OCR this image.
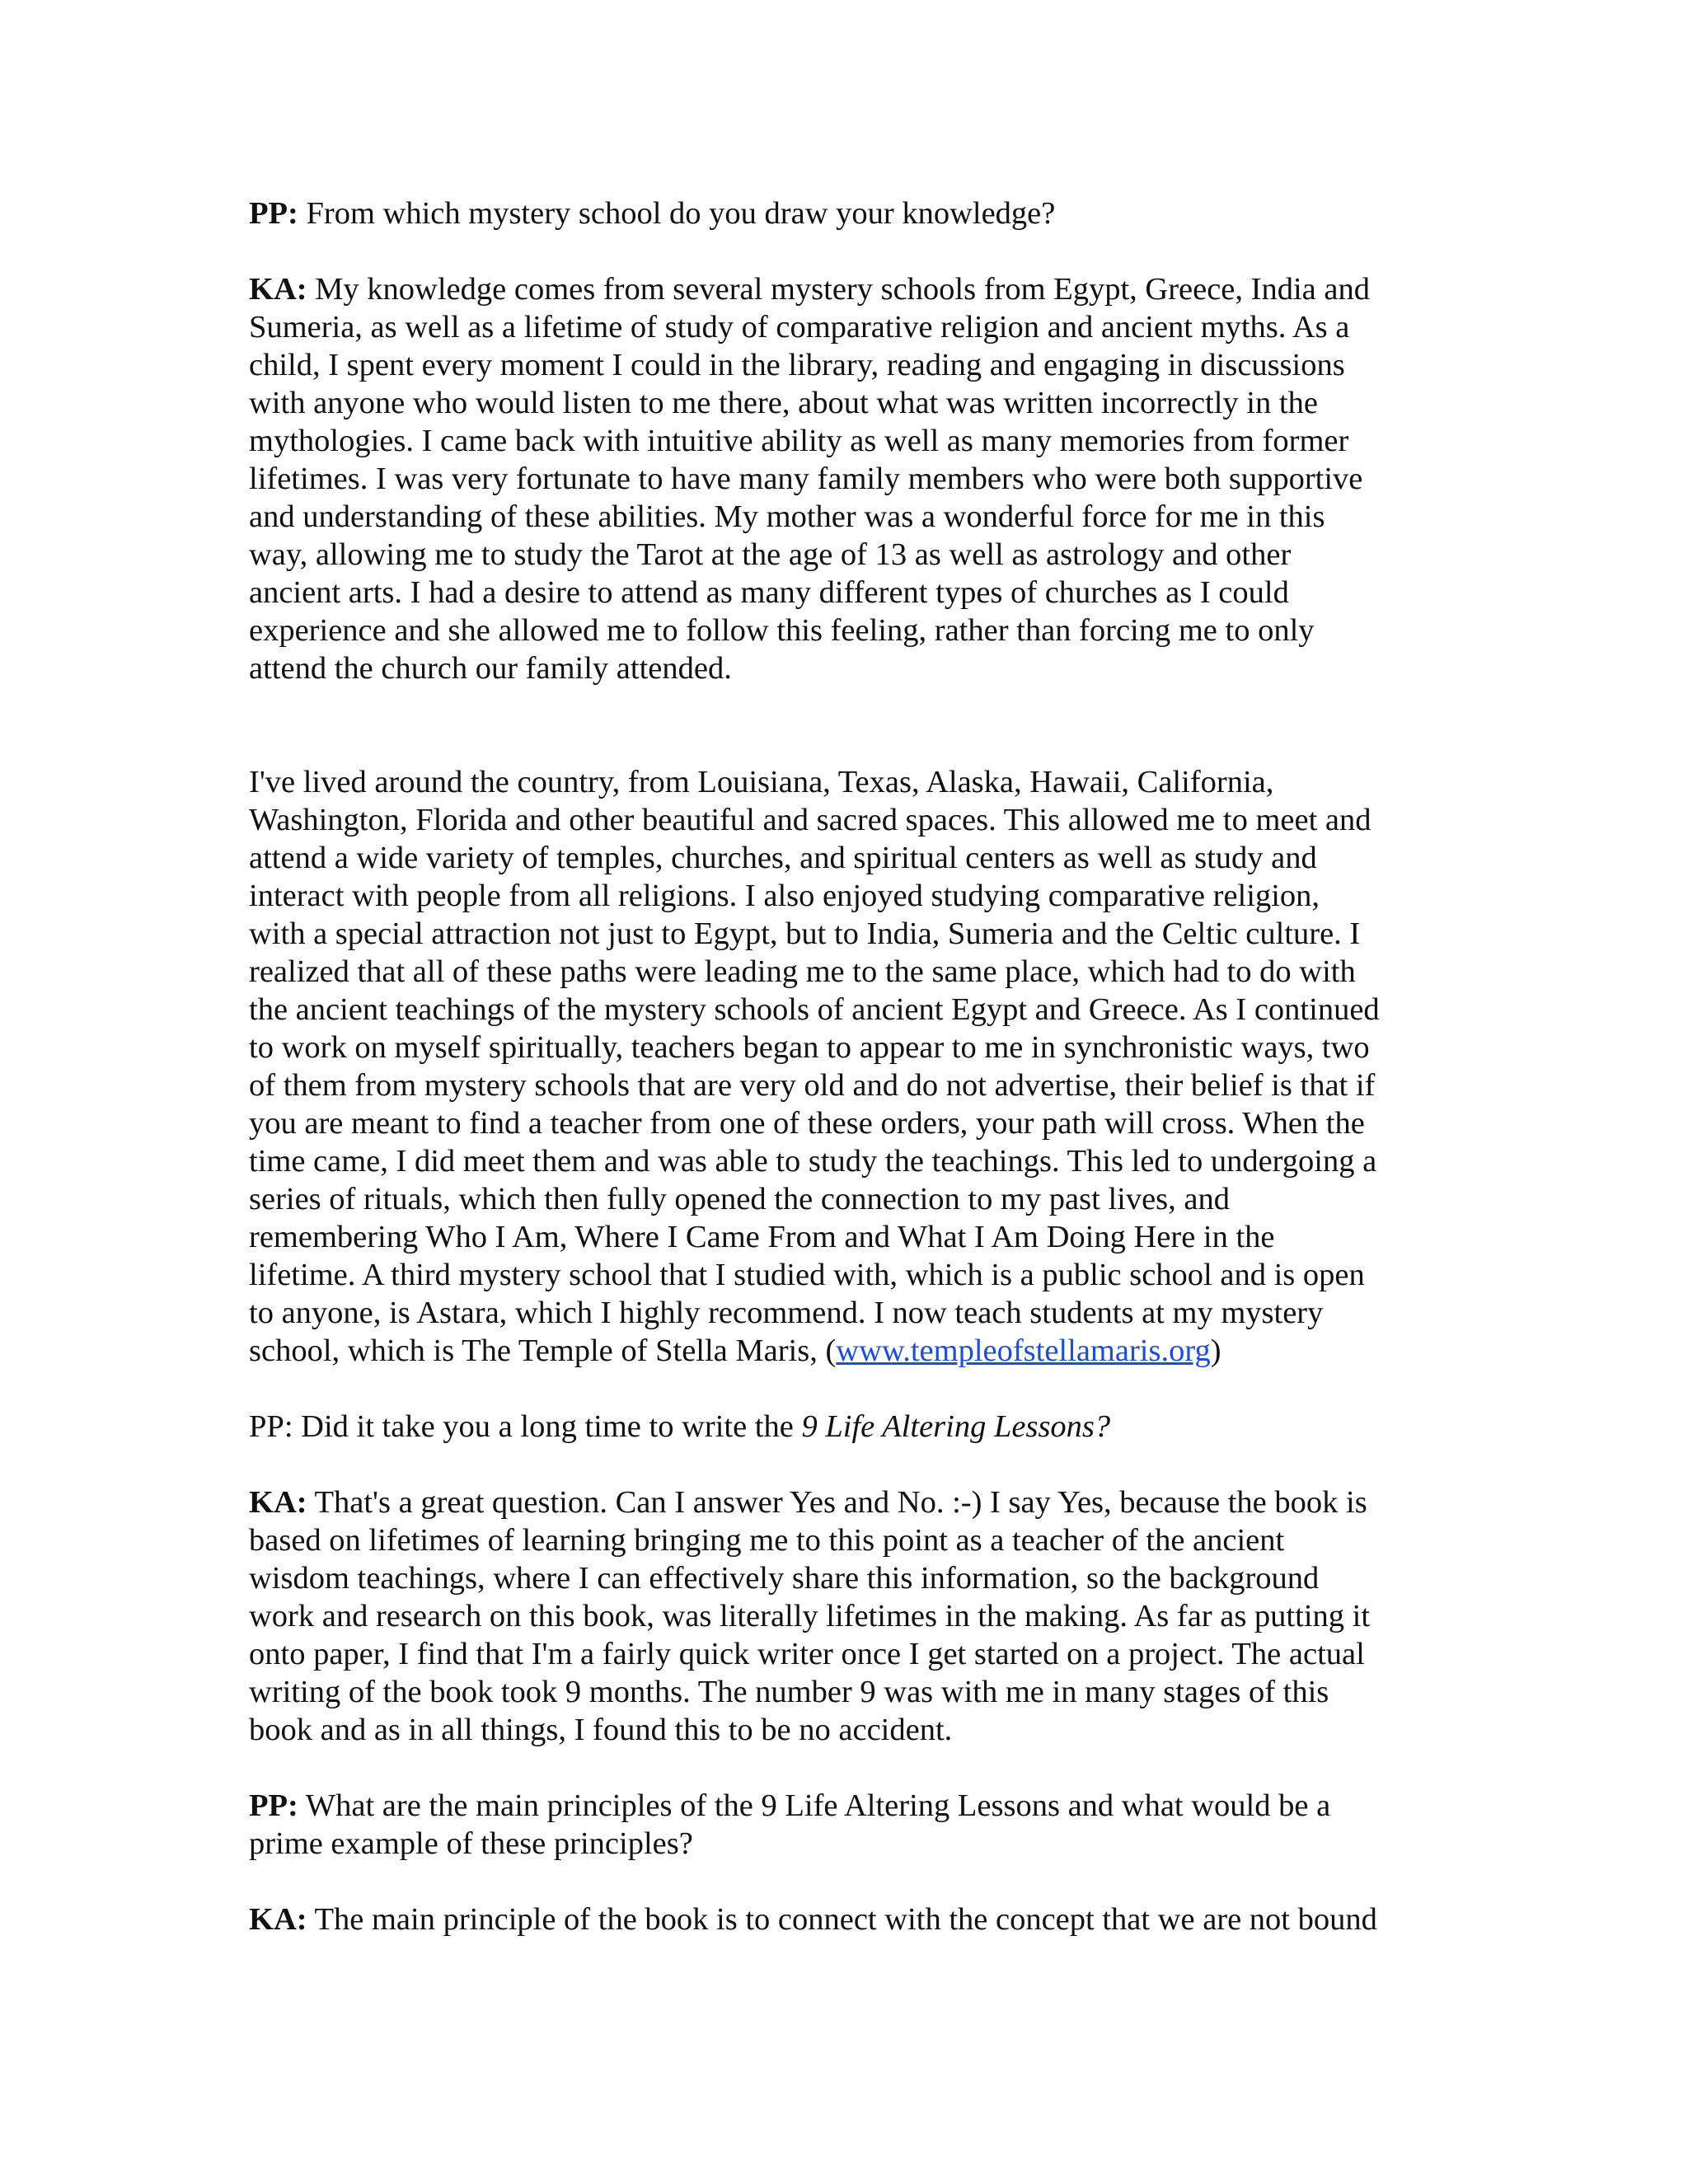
PP: From which mystery school do you draw your knowledge?

KA: My knowledge comes from several mystery schools from Egypt, Greece, India and
Sumeria, as well as a lifetime of study of comparative religion and ancient myths. As a
child, I spent every moment I could in the library, reading and engaging in discussions
with anyone who would listen to me there, about what was written incorrectly in the
mythologies. I came back with intuitive ability as well as many memories from former
lifetimes. I was very fortunate to have many family members who were both supportive
and understanding of these abilities. My mother was a wonderful force for me in this
way, allowing me to study the Tarot at the age of 13 as well as astrology and other
ancient arts. I had a desire to attend as many different types of churches as I could
experience and she allowed me to follow this feeling, rather than forcing me to only
attend the church our family attended.

I've lived around the country, from Louisiana, Texas, Alaska, Hawaii, California,
Washington, Florida and other beautiful and sacred spaces. This allowed me to meet and
attend a wide variety of temples, churches, and spiritual centers as well as study and
interact with people from all religions. I also enjoyed studying comparative religion,
with a special attraction not just to Egypt, but to India, Sumeria and the Celtic culture. I
realized that all of these paths were leading me to the same place, which had to do with
the ancient teachings of the mystery schools of ancient Egypt and Greece. As I continued
to work on myself spiritually, teachers began to appear to me in synchronistic ways, two
of them from mystery schools that are very old and do not advertise, their belief is that if
you are meant to find a teacher from one of these orders, your path will cross. When the
time came, I did meet them and was able to study the teachings. This led to undergoing a
series of rituals, which then fully opened the connection to my past lives, and
remembering Who I Am, Where I Came From and What I Am Doing Here in the
lifetime. A third mystery school that I studied with, which is a public school and is open
to anyone, is Astara, which I highly recommend. I now teach students at my mystery
school, which is The Temple of Stella Maris, (www.templeofstellamaris.org)

PP: Did it take you a long time to write the 9 Life Altering Lessons?

KA: That's a great question. Can I answer Yes and No. :-) I say Yes, because the book is
based on lifetimes of learning bringing me to this point as a teacher of the ancient
wisdom teachings, where I can effectively share this information, so the background
work and research on this book, was literally lifetimes in the making. As far as putting it
onto paper, I find that I'm a fairly quick writer once I get started on a project. The actual
writing of the book took 9 months. The number 9 was with me in many stages of this
book and as in all things, I found this to be no accident.

PP: What are the main principles of the 9 Life Altering Lessons and what would be a
prime example of these principles?

KA: The main principle of the book is to connect with the concept that we are not bound
